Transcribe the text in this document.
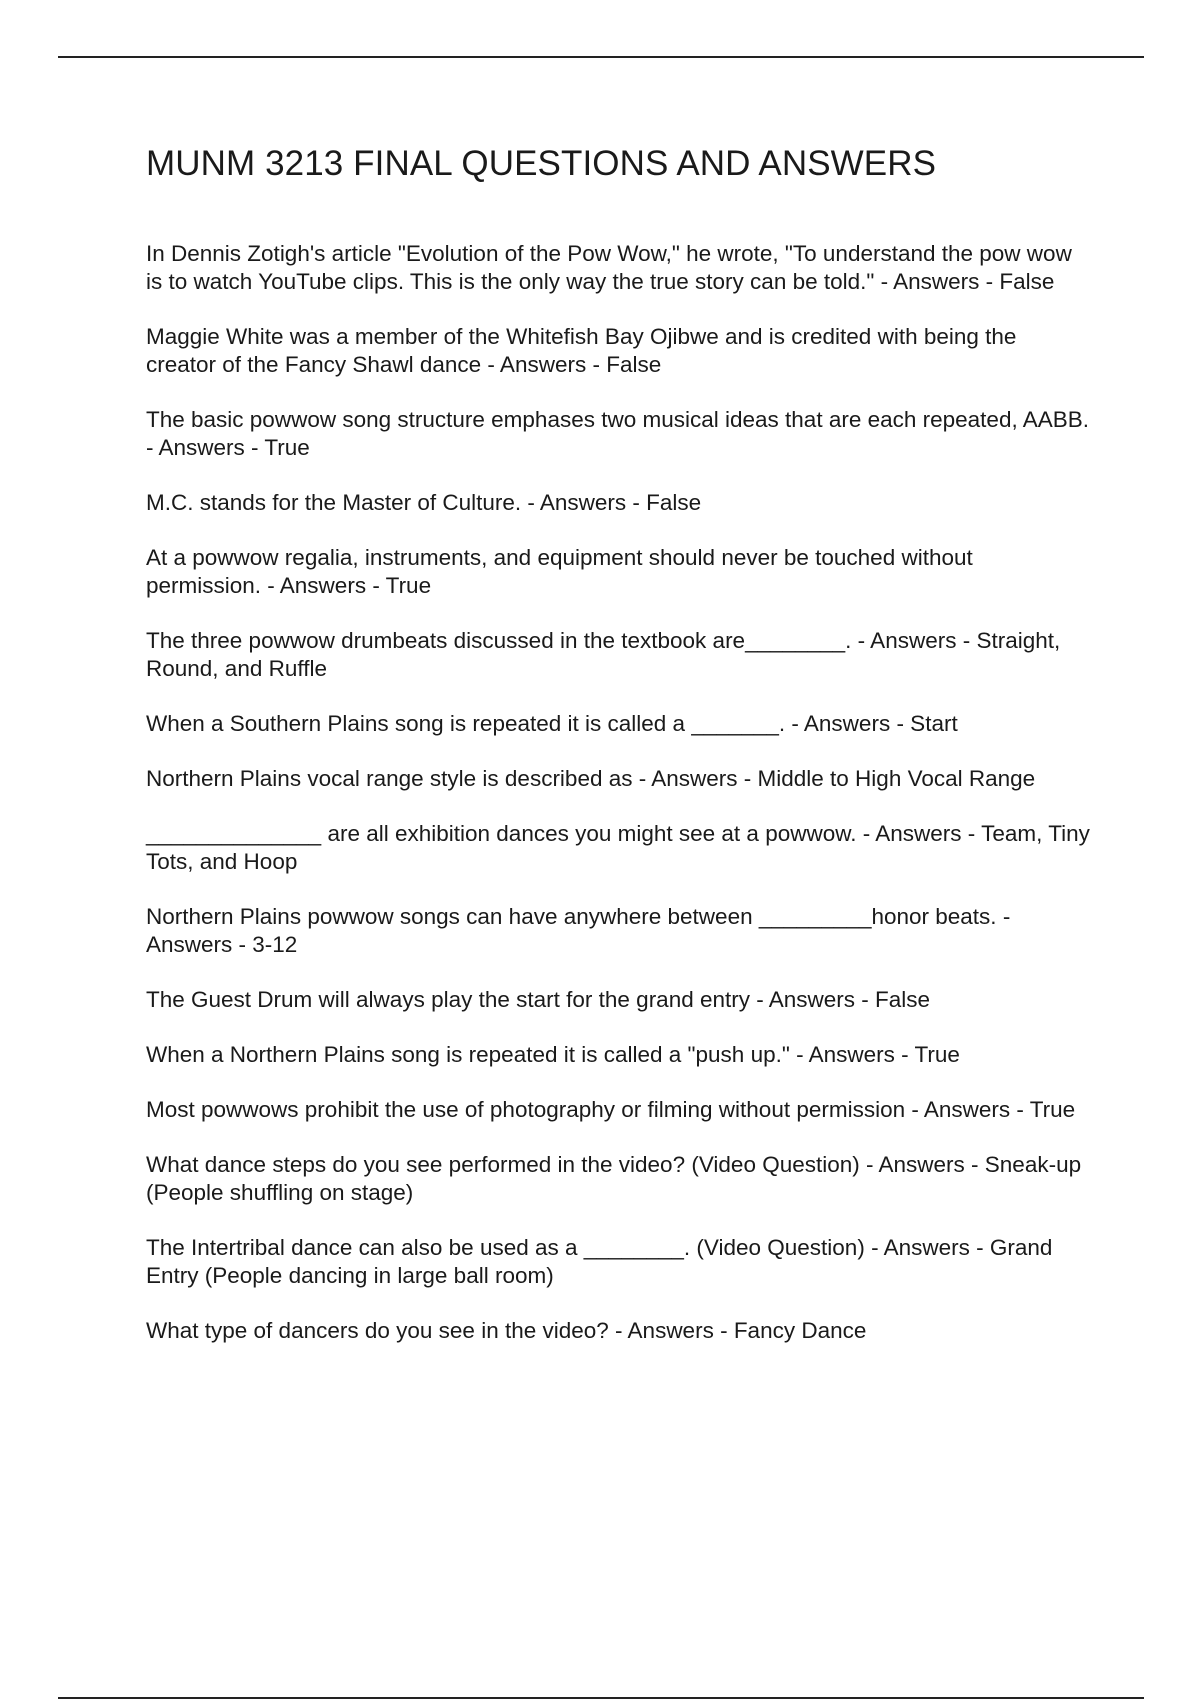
MUNM 3213 FINAL QUESTIONS AND ANSWERS

In Dennis Zotigh's article "Evolution of the Pow Wow," he wrote, "To understand the pow wow is to watch YouTube clips. This is the only way the true story can be told." - Answers - False

Maggie White was a member of the Whitefish Bay Ojibwe and is credited with being the creator of the Fancy Shawl dance - Answers - False

The basic powwow song structure emphases two musical ideas that are each repeated, AABB. - Answers - True

M.C. stands for the Master of Culture. - Answers - False

At a powwow regalia, instruments, and equipment should never be touched without permission. - Answers - True

The three powwow drumbeats discussed in the textbook are________. - Answers - Straight, Round, and Ruffle

When a Southern Plains song is repeated it is called a _______. - Answers - Start

Northern Plains vocal range style is described as - Answers - Middle to High Vocal Range

______________ are all exhibition dances you might see at a powwow. - Answers - Team, Tiny Tots, and Hoop

Northern Plains powwow songs can have anywhere between _________honor beats. - Answers - 3-12

The Guest Drum will always play the start for the grand entry - Answers - False

When a Northern Plains song is repeated it is called a "push up." - Answers - True

Most powwows prohibit the use of photography or filming without permission - Answers - True

What dance steps do you see performed in the video? (Video Question) - Answers - Sneak-up (People shuffling on stage)

The Intertribal dance can also be used as a ________. (Video Question) - Answers - Grand Entry (People dancing in large ball room)

What type of dancers do you see in the video? - Answers - Fancy Dance
